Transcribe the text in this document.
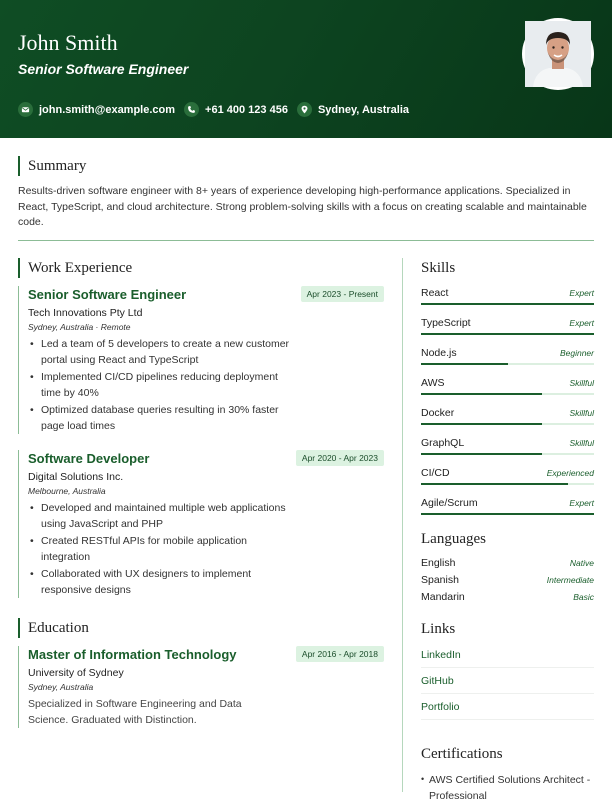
John Smith
Senior Software Engineer
john.smith@example.com	+61 400 123 456	Sydney, Australia
Summary
Results-driven software engineer with 8+ years of experience developing high-performance applications. Specialized in React, TypeScript, and cloud architecture. Strong problem-solving skills with a focus on creating scalable and maintainable code.
Work Experience
Senior Software Engineer	Apr 2023 - Present
Tech Innovations Pty Ltd
Sydney, Australia · Remote
• Led a team of 5 developers to create a new customer portal using React and TypeScript
• Implemented CI/CD pipelines reducing deployment time by 40%
• Optimized database queries resulting in 30% faster page load times
Software Developer	Apr 2020 - Apr 2023
Digital Solutions Inc.
Melbourne, Australia
• Developed and maintained multiple web applications using JavaScript and PHP
• Created RESTful APIs for mobile application integration
• Collaborated with UX designers to implement responsive designs
Education
Master of Information Technology	Apr 2016 - Apr 2018
University of Sydney
Sydney, Australia
Specialized in Software Engineering and Data Science. Graduated with Distinction.
Skills
React	Expert
TypeScript	Expert
Node.js	Beginner
AWS	Skillful
Docker	Skillful
GraphQL	Skillful
CI/CD	Experienced
Agile/Scrum	Expert
Languages
English	Native
Spanish	Intermediate
Mandarin	Basic
Links
LinkedIn
GitHub
Portfolio
Certifications
• AWS Certified Solutions Architect - Professional
